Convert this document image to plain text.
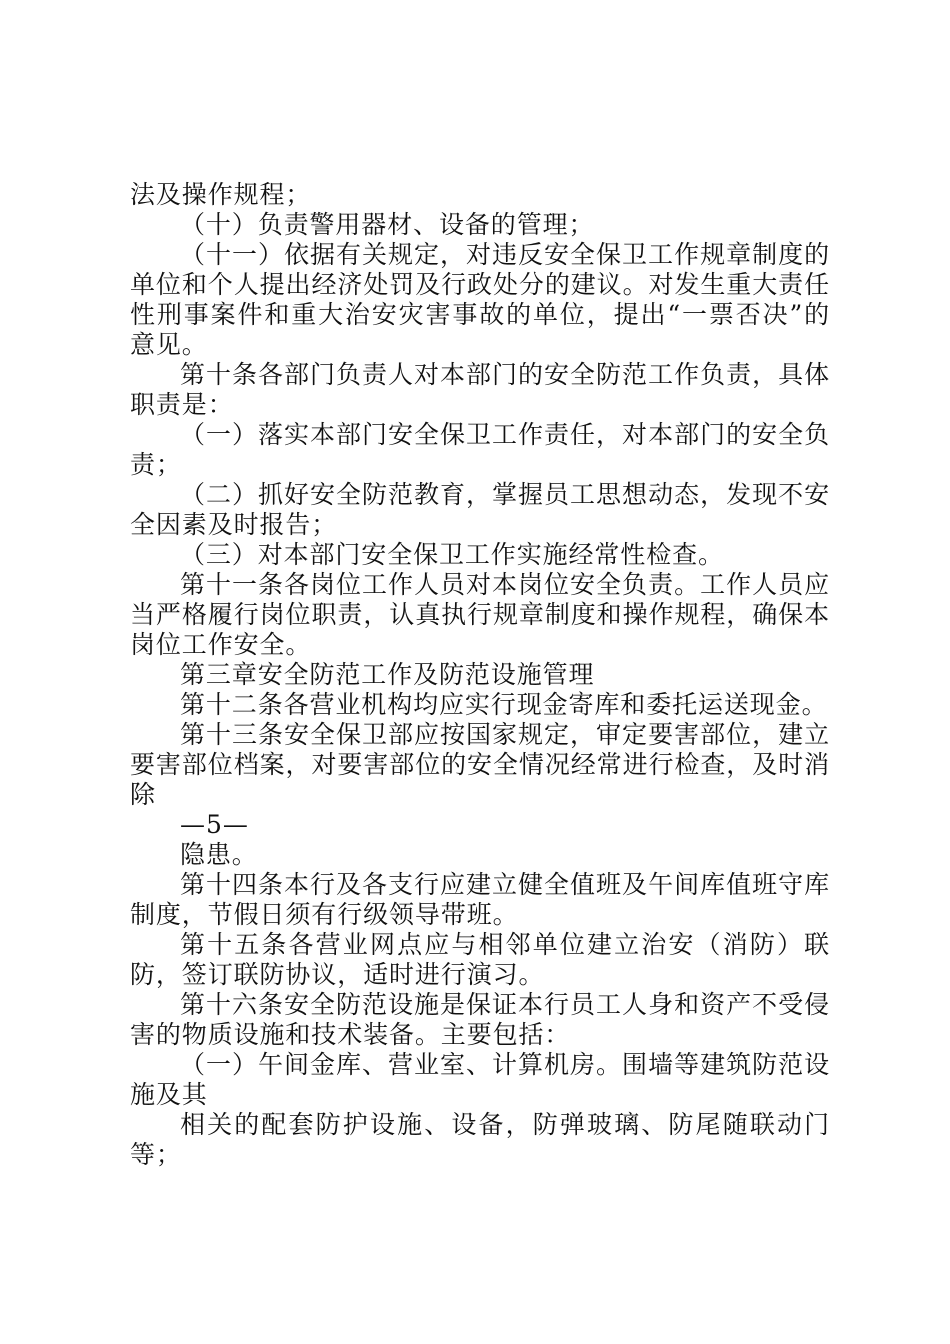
法及操作规程；

（十）负责警用器材、设备的管理；

（十一）依据有关规定，对违反安全保卫工作规章制度的单位和个人提出经济处罚及行政处分的建议。对发生重大责任性刑事案件和重大治安灾害事故的单位，提出“一票否决”的意见。

第十条各部门负责人对本部门的安全防范工作负责，具体职责是：

（一）落实本部门安全保卫工作责任，对本部门的安全负责；

（二）抓好安全防范教育，掌握员工思想动态，发现不安全因素及时报告；

（三）对本部门安全保卫工作实施经常性检查。

第十一条各岗位工作人员对本岗位安全负责。工作人员应当严格履行岗位职责，认真执行规章制度和操作规程，确保本岗位工作安全。

第三章安全防范工作及防范设施管理

第十二条各营业机构均应实行现金寄库和委托运送现金。

第十三条安全保卫部应按国家规定，审定要害部位，建立要害部位档案，对要害部位的安全情况经常进行检查，及时消除

—5—

隐患。

第十四条本行及各支行应建立健全值班及午间库值班守库制度，节假日须有行级领导带班。

第十五条各营业网点应与相邻单位建立治安（消防）联防，签订联防协议，适时进行演习。

第十六条安全防范设施是保证本行员工人身和资产不受侵害的物质设施和技术装备。主要包括：

（一）午间金库、营业室、计算机房。围墙等建筑防范设施及其

相关的配套防护设施、设备，防弹玻璃、防尾随联动门等；
